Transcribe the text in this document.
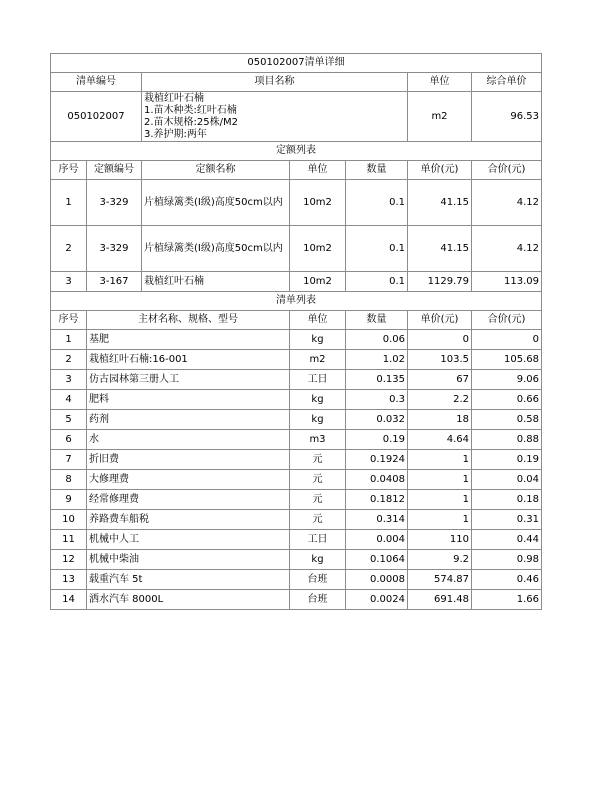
050102007清单详细						
清单编号		项目名称			单位	综合单价
050102007		栽植红叶石楠
1.苗木种类:红叶石楠
2.苗木规格:25株/M2
3.养护期:两年			m2	96.53
定额列表						
序号	定额编号	定额名称	单位	数量	单价(元)	合价(元)
1	3-329	片植绿篱类(Ⅰ级)高度50cm以内	10m2	0.1	41.15	4.12
2	3-329	片植绿篱类(Ⅰ级)高度50cm以内	10m2	0.1	41.15	4.12
3	3-167	栽植红叶石楠	10m2	0.1	1129.79	113.09
清单列表						
序号	主材名称、规格、型号		单位	数量	单价(元)	合价(元)
1	基肥		kg	0.06	0	0
2	栽植红叶石楠:16-001		m2	1.02	103.5	105.68
3	仿古园林第三册人工		工日	0.135	67	9.06
4	肥料		kg	0.3	2.2	0.66
5	药剂		kg	0.032	18	0.58
6	水		m3	0.19	4.64	0.88
7	折旧费		元	0.1924	1	0.19
8	大修理费		元	0.0408	1	0.04
9	经常修理费		元	0.1812	1	0.18
10	养路费车船税		元	0.314	1	0.31
11	机械中人工		工日	0.004	110	0.44
12	机械中柴油		kg	0.1064	9.2	0.98
13	载重汽车 5t		台班	0.0008	574.87	0.46
14	洒水汽车 8000L		台班	0.0024	691.48	1.66
